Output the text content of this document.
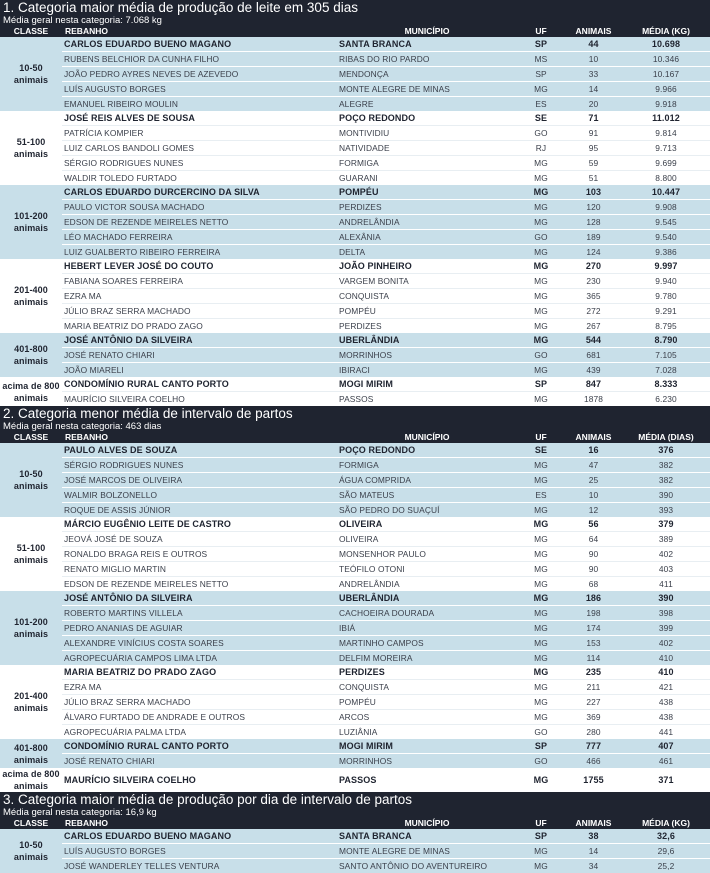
1. Categoria maior média de produção de leite em 305 dias
Média geral nesta categoria: 7.068 kg
CLASSE	REBANHO	MUNICÍPIO	UF	ANIMAIS	MÉDIA (KG)
10-50 animais	CARLOS EDUARDO BUENO MAGANO	SANTA BRANCA	SP	44	10.698
	RUBENS BELCHIOR DA CUNHA FILHO	RIBAS DO RIO PARDO	MS	10	10.346
	JOÃO PEDRO AYRES NEVES DE AZEVEDO	MENDONÇA	SP	33	10.167
	LUÍS AUGUSTO BORGES	MONTE ALEGRE DE MINAS	MG	14	9.966
	EMANUEL RIBEIRO MOULIN	ALEGRE	ES	20	9.918
51-100 animais	JOSÉ REIS ALVES DE SOUSA	POÇO REDONDO	SE	71	11.012
	PATRÍCIA KOMPIER	MONTIVIDIU	GO	91	9.814
	LUIZ CARLOS BANDOLI GOMES	NATIVIDADE	RJ	95	9.713
	SÉRGIO RODRIGUES NUNES	FORMIGA	MG	59	9.699
	WALDIR TOLEDO FURTADO	GUARANI	MG	51	8.800
101-200 animais	CARLOS EDUARDO DURCERCINO DA SILVA	POMPÉU	MG	103	10.447
	PAULO VICTOR SOUSA MACHADO	PERDIZES	MG	120	9.908
	EDSON DE REZENDE MEIRELES NETTO	ANDRELÂNDIA	MG	128	9.545
	LÉO MACHADO FERREIRA	ALEXÂNIA	GO	189	9.540
	LUIZ GUALBERTO RIBEIRO FERREIRA	DELTA	MG	124	9.386
201-400 animais	HEBERT LEVER JOSÉ DO COUTO	JOÃO PINHEIRO	MG	270	9.997
	FABIANA SOARES FERREIRA	VARGEM BONITA	MG	230	9.940
	EZRA MA	CONQUISTA	MG	365	9.780
	JÚLIO BRAZ SERRA MACHADO	POMPÉU	MG	272	9.291
	MARIA BEATRIZ DO PRADO ZAGO	PERDIZES	MG	267	8.795
401-800 animais	JOSÉ ANTÔNIO DA SILVEIRA	UBERLÂNDIA	MG	544	8.790
	JOSÉ RENATO CHIARI	MORRINHOS	GO	681	7.105
	JOÃO MIARELI	IBIRACI	MG	439	7.028
acima de 800 animais	CONDOMÍNIO RURAL CANTO PORTO	MOGI MIRIM	SP	847	8.333
	MAURÍCIO SILVEIRA COELHO	PASSOS	MG	1878	6.230
2. Categoria menor média de intervalo de partos
Média geral nesta categoria: 463 dias
CLASSE	REBANHO	MUNICÍPIO	UF	ANIMAIS	MÉDIA (DIAS)
10-50 animais	PAULO ALVES DE SOUZA	POÇO REDONDO	SE	16	376
	SÉRGIO RODRIGUES NUNES	FORMIGA	MG	47	382
	JOSÉ MARCOS DE OLIVEIRA	ÁGUA COMPRIDA	MG	25	382
	WALMIR BOLZONELLO	SÃO MATEUS	ES	10	390
	ROQUE DE ASSIS JÚNIOR	SÃO PEDRO DO SUAÇUÍ	MG	12	393
51-100 animais	MÁRCIO EUGÊNIO LEITE DE CASTRO	OLIVEIRA	MG	56	379
	JEOVÁ JOSÉ DE SOUZA	OLIVEIRA	MG	64	389
	RONALDO BRAGA REIS E OUTROS	MONSENHOR PAULO	MG	90	402
	RENATO MIGLIO MARTIN	TEÓFILO OTONI	MG	90	403
	EDSON DE REZENDE MEIRELES NETTO	ANDRELÂNDIA	MG	68	411
101-200 animais	JOSÉ ANTÔNIO DA SILVEIRA	UBERLÂNDIA	MG	186	390
	ROBERTO MARTINS VILLELA	CACHOEIRA DOURADA	MG	198	398
	PEDRO ANANIAS DE AGUIAR	IBIÁ	MG	174	399
	ALEXANDRE VINÍCIUS COSTA SOARES	MARTINHO CAMPOS	MG	153	402
	AGROPECUÁRIA CAMPOS LIMA LTDA	DELFIM MOREIRA	MG	114	410
201-400 animais	MARIA BEATRIZ DO PRADO ZAGO	PERDIZES	MG	235	410
	EZRA MA	CONQUISTA	MG	211	421
	JÚLIO BRAZ SERRA MACHADO	POMPÉU	MG	227	438
	ÁLVARO FURTADO DE ANDRADE E OUTROS	ARCOS	MG	369	438
	AGROPECUÁRIA PALMA LTDA	LUZIÂNIA	GO	280	441
401-800 animais	CONDOMÍNIO RURAL CANTO PORTO	MOGI MIRIM	SP	777	407
	JOSÉ RENATO CHIARI	MORRINHOS	GO	466	461
acima de 800 animais	MAURÍCIO SILVEIRA COELHO	PASSOS	MG	1755	371
3. Categoria maior média de produção por dia de intervalo de partos
Média geral nesta categoria: 16,9 kg
CLASSE	REBANHO	MUNICÍPIO	UF	ANIMAIS	MÉDIA (KG)
10-50 animais	CARLOS EDUARDO BUENO MAGANO	SANTA BRANCA	SP	38	32,6
	LUÍS AUGUSTO BORGES	MONTE ALEGRE DE MINAS	MG	14	29,6
	JOSÉ WANDERLEY TELLES VENTURA	SANTO ANTÔNIO DO AVENTUREIRO	MG	34	25,2
